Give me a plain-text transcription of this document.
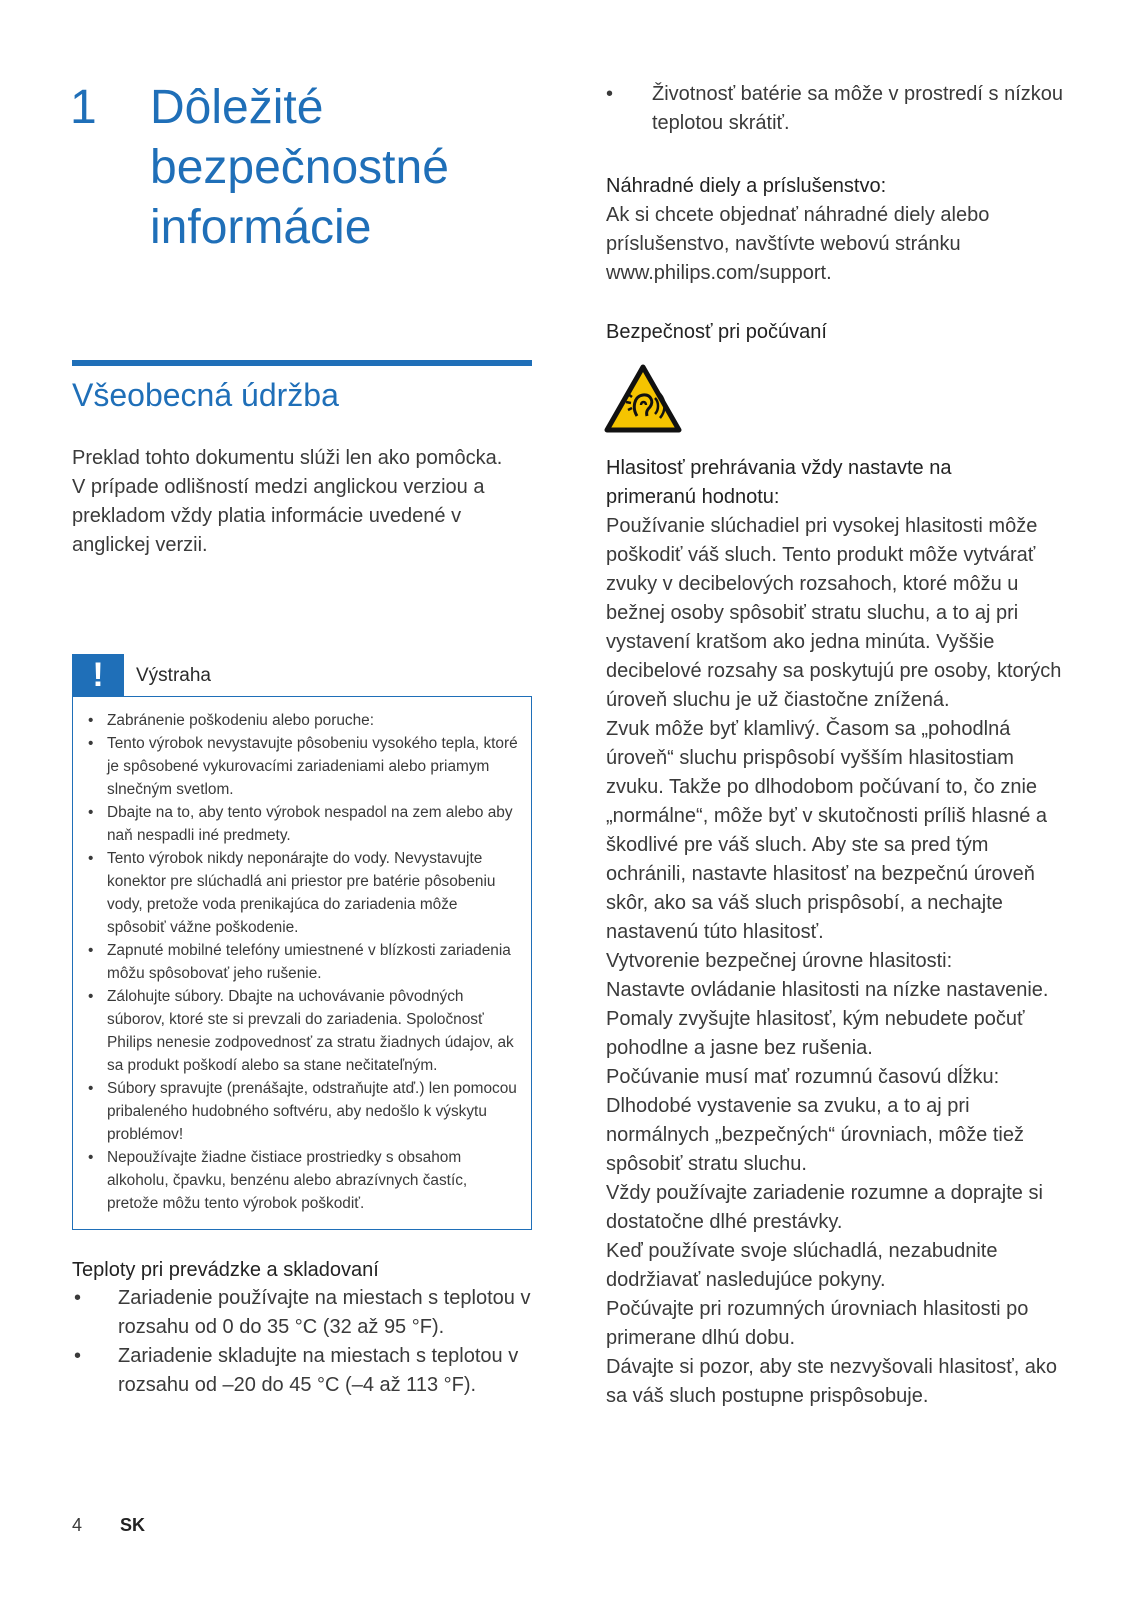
1 Dôležité
bezpečnostné
informácie
Všeobecná údržba

Preklad tohto dokumentu slúži len ako pomôcka.

V prípade odlišností medzi anglickou verziou a prekladom vždy platia informácie uvedené v anglickej verzii.

!	Výstraha
• Zabránenie poškodeniu alebo poruche:
• Tento výrobok nevystavujte pôsobeniu vysokého tepla, ktoré je spôsobené vykurovacími zariadeniami alebo priamym slnečným svetlom.
• Dbajte na to, aby tento výrobok nespadol na zem alebo aby naň nespadli iné predmety.
• Tento výrobok nikdy neponárajte do vody. Nevystavujte konektor pre slúchadlá ani priestor pre batérie pôsobeniu vody, pretože voda prenikajúca do zariadenia môže spôsobiť vážne poškodenie.
• Zapnuté mobilné telefóny umiestnené v blízkosti zariadenia môžu spôsobovať jeho rušenie.
• Zálohujte súbory. Dbajte na uchovávanie pôvodných súborov, ktoré ste si prevzali do zariadenia. Spoločnosť Philips nenesie zodpovednosť za stratu žiadnych údajov, ak sa produkt poškodí alebo sa stane nečitateľným.
• Súbory spravujte (prenášajte, odstraňujte atď.) len pomocou pribaleného hudobného softvéru, aby nedošlo k výskytu problémov!
• Nepoužívajte žiadne čistiace prostriedky s obsahom alkoholu, čpavku, benzénu alebo abrazívnych častíc, pretože môžu tento výrobok poškodiť.
Teploty pri prevádzke a skladovaní
• Zariadenie používajte na miestach s teplotou v rozsahu od 0 do 35 °C (32 až 95 °F).
• Zariadenie skladujte na miestach s teplotou v rozsahu od –20 do 45 °C (–4 až 113 °F).
4 SK
• Životnosť batérie sa môže v prostredí s nízkou teplotou skrátiť.
Náhradné diely a príslušenstvo:
Ak si chcete objednať náhradné diely alebo príslušenstvo, navštívte webovú stránku www.philips.com/support.
Bezpečnosť pri počúvaní
Hlasitosť prehrávania vždy nastavte na
primeranú hodnotu:

Používanie slúchadiel pri vysokej hlasitosti môže poškodiť váš sluch. Tento produkt môže vytvárať zvuky v decibelových rozsahoch, ktoré môžu u bežnej osoby spôsobiť stratu sluchu, a to aj pri vystavení kratšom ako jedna minúta. Vyššie decibelové rozsahy sa poskytujú pre osoby, ktorých úroveň sluchu je už čiastočne znížená.

Zvuk môže byť klamlivý. Časom sa „pohodlná úroveň“ sluchu prispôsobí vyšším hlasitostiam zvuku. Takže po dlhodobom počúvaní to, čo znie „normálne“, môže byť v skutočnosti príliš hlasné a škodlivé pre váš sluch. Aby ste sa pred tým ochránili, nastavte hlasitosť na bezpečnú úroveň skôr, ako sa váš sluch prispôsobí, a nechajte nastavenú túto hlasitosť.

Vytvorenie bezpečnej úrovne hlasitosti:

Nastavte ovládanie hlasitosti na nízke nastavenie.

Pomaly zvyšujte hlasitosť, kým nebudete počuť pohodlne a jasne bez rušenia.

Počúvanie musí mať rozumnú časovú dĺžku:

Dlhodobé vystavenie sa zvuku, a to aj pri normálnych „bezpečných“ úrovniach, môže tiež spôsobiť stratu sluchu.

Vždy používajte zariadenie rozumne a doprajte si dostatočne dlhé prestávky.

Keď používate svoje slúchadlá, nezabudnite dodržiavať nasledujúce pokyny.

Počúvajte pri rozumných úrovniach hlasitosti po primerane dlhú dobu.

Dávajte si pozor, aby ste nezvyšovali hlasitosť, ako sa váš sluch postupne prispôsobuje.
